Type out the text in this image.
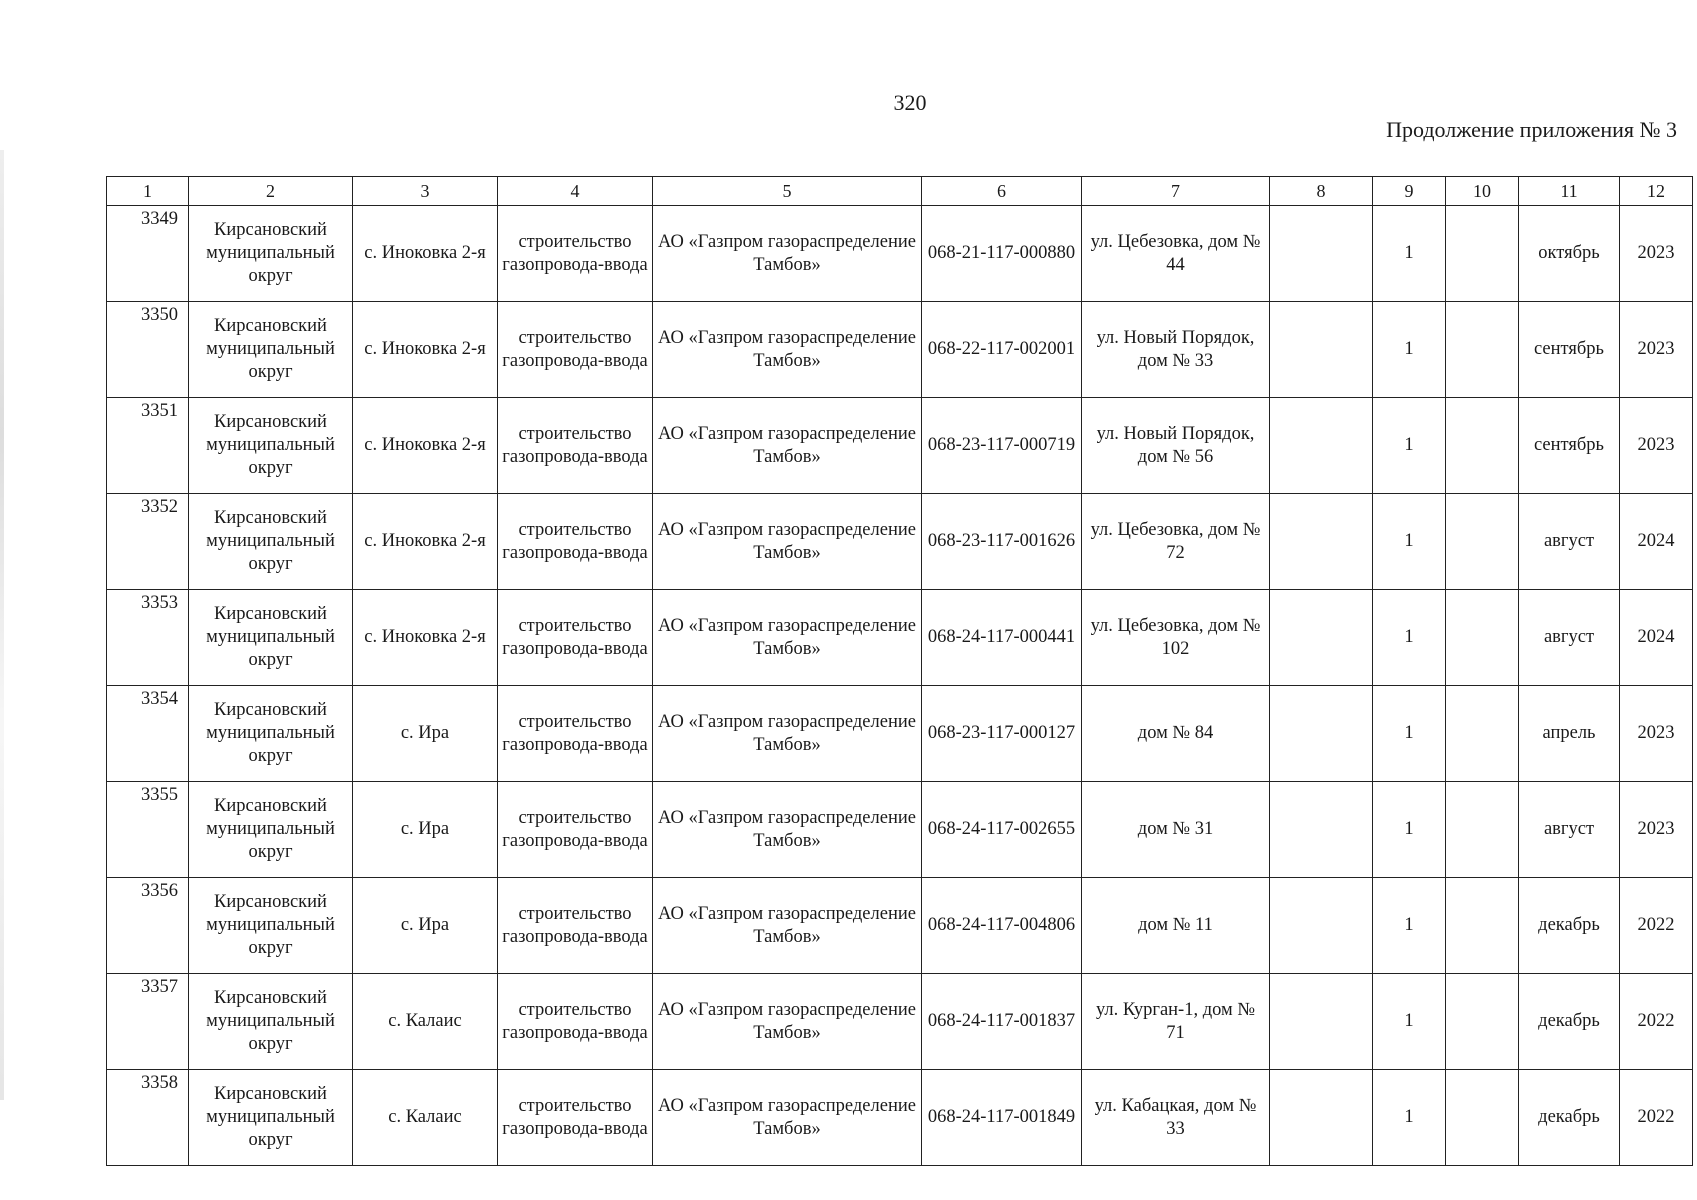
320
Продолжение приложения № 3
1	2	3	4	5	6	7	8	9	10	11	12
3349	Кирсановский муниципальный округ	с. Иноковка 2-я	строительство газопровода-ввода	АО «Газпром газораспределение Тамбов»	068-21-117-000880	ул. Цебезовка, дом № 44		1		октябрь	2023
3350	Кирсановский муниципальный округ	с. Иноковка 2-я	строительство газопровода-ввода	АО «Газпром газораспределение Тамбов»	068-22-117-002001	ул. Новый Порядок, дом № 33		1		сентябрь	2023
3351	Кирсановский муниципальный округ	с. Иноковка 2-я	строительство газопровода-ввода	АО «Газпром газораспределение Тамбов»	068-23-117-000719	ул. Новый Порядок, дом № 56		1		сентябрь	2023
3352	Кирсановский муниципальный округ	с. Иноковка 2-я	строительство газопровода-ввода	АО «Газпром газораспределение Тамбов»	068-23-117-001626	ул. Цебезовка, дом № 72		1		август	2024
3353	Кирсановский муниципальный округ	с. Иноковка 2-я	строительство газопровода-ввода	АО «Газпром газораспределение Тамбов»	068-24-117-000441	ул. Цебезовка, дом № 102		1		август	2024
3354	Кирсановский муниципальный округ	с. Ира	строительство газопровода-ввода	АО «Газпром газораспределение Тамбов»	068-23-117-000127	дом № 84		1		апрель	2023
3355	Кирсановский муниципальный округ	с. Ира	строительство газопровода-ввода	АО «Газпром газораспределение Тамбов»	068-24-117-002655	дом № 31		1		август	2023
3356	Кирсановский муниципальный округ	с. Ира	строительство газопровода-ввода	АО «Газпром газораспределение Тамбов»	068-24-117-004806	дом № 11		1		декабрь	2022
3357	Кирсановский муниципальный округ	с. Калаис	строительство газопровода-ввода	АО «Газпром газораспределение Тамбов»	068-24-117-001837	ул. Курган-1, дом № 71		1		декабрь	2022
3358	Кирсановский муниципальный округ	с. Калаис	строительство газопровода-ввода	АО «Газпром газораспределение Тамбов»	068-24-117-001849	ул. Кабацкая, дом № 33		1		декабрь	2022
